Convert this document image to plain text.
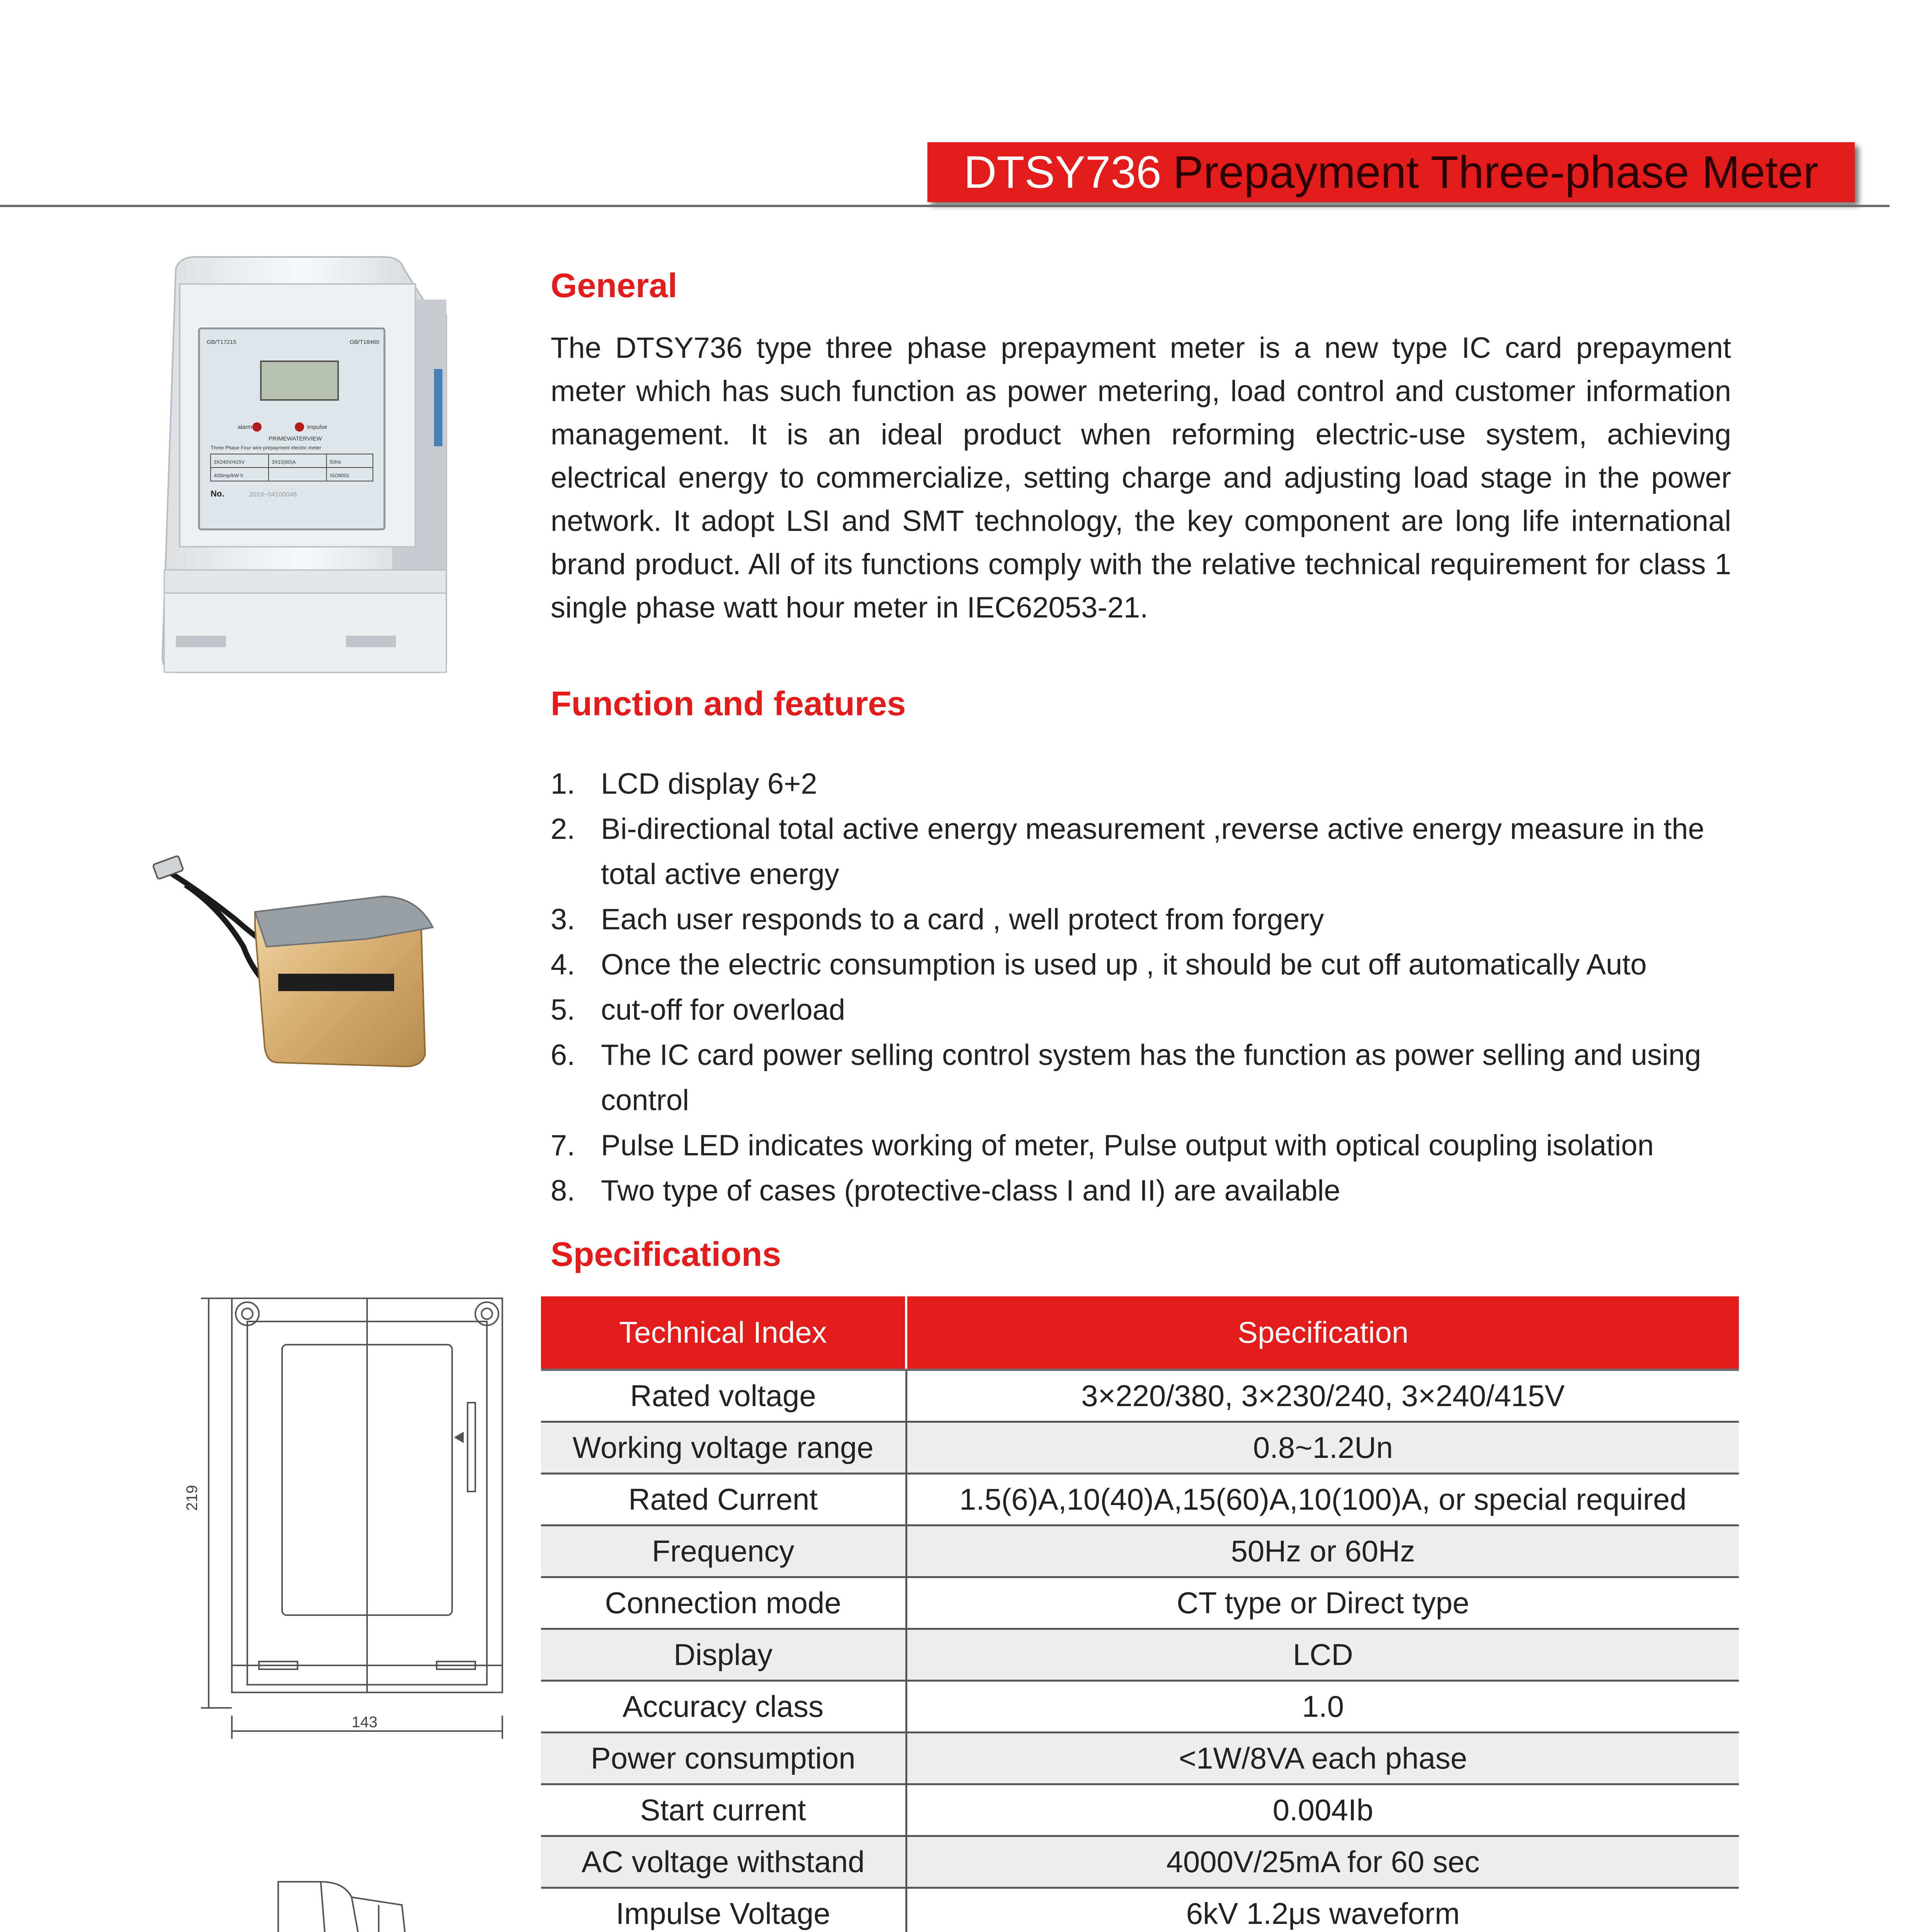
DTSY736 Prepayment Three-phase Meter
General
The DTSY736 type three phase prepayment meter is a new type IC card prepayment meter which has such function as power metering, load control and customer information management. It is an ideal product when reforming electric-use system, achieving electrical energy to commercialize, setting charge and adjusting load stage in the power network. It adopt LSI and SMT technology, the key component are long life international brand product. All of its functions comply with the relative technical requirement for class 1 single phase watt hour meter in IEC62053-21.
Function and features
1. LCD display 6+2
2. Bi-directional total active energy measurement ,reverse active energy measure in the total active energy
3. Each user responds to a card , well protect from forgery
4. Once the electric consumption is used up , it should be cut off automatically Auto
5. cut-off for overload
6. The IC card power selling control system has the function as power selling and using control
7. Pulse LED indicates working of meter, Pulse output with optical coupling isolation
8. Two type of cases (protective-class I and II) are available
Specifications
Technical Index	Specification
Rated voltage	3×220/380, 3×230/240, 3×240/415V
Working voltage range	0.8~1.2Un
Rated Current	1.5(6)A,10(40)A,15(60)A,10(100)A, or special required
Frequency	50Hz or 60Hz
Connection mode	CT type or Direct type
Display	LCD
Accuracy class	1.0
Power consumption	<1W/8VA each phase
Start current	0.004Ib
AC voltage withstand	4000V/25mA for 60 sec
Impulse Voltage	6kV 1.2μs waveform

GB/T17215	GB/T18460
alarm	impulse
PRIMEWATERVIEW
Three Phase Four wire prepayment electric meter
3X240V/415V	3X15(60)A	50Hz
400imp/kW·h	ISO9001
No.	2019~04100046
219
143
